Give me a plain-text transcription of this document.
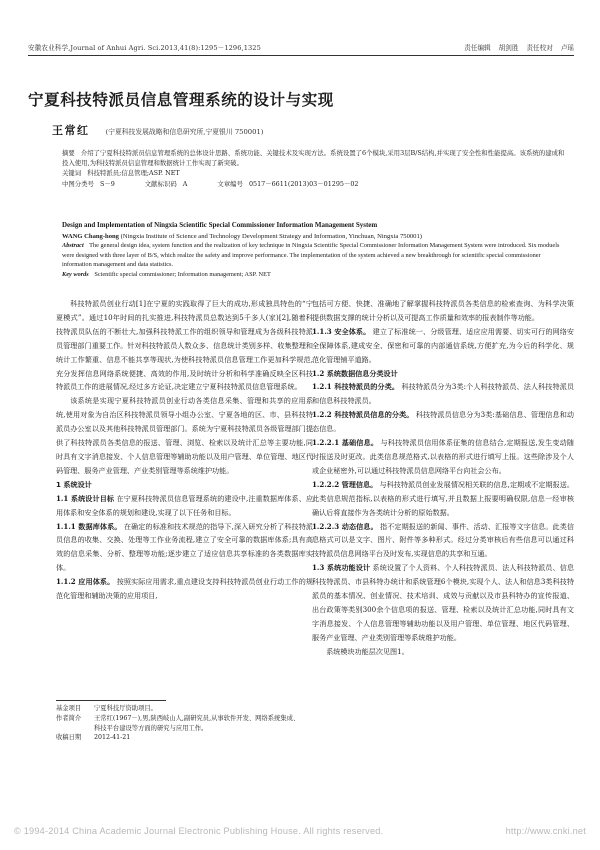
安徽农业科学,Journal of Anhui Agri. Sci.2013,41(8):1295－1296,1325	责任编辑 胡剑胜 责任校对 卢瑶
宁夏科技特派员信息管理系统的设计与实现
王常红 (宁夏科技发展战略和信息研究所,宁夏银川 750001)
摘要 介绍了宁夏科技特派员信息管理系统的总体设计思路、系统功能、关键技术及实现方法。系统设置了6个模块,采用3层B/S结构,并实现了安全性和性能提高。该系统的建成和投入使用,为科技特派员信息管理和数据统计工作实现了新突破。
关键词 科技特派员;信息管理;ASP. NET
中图分类号 S－9	文献标识码 A	文章编号 0517－6611(2013)03－01295－02
Design and Implementation of Ningxia Scientific Special Commissioner Information Management System
WANG Chang-hong (Ningxia Institute of Science and Technology Development Strategy and Information, Yinchuan, Ningxia 750001)
Abstract The general design idea, system function and the realization of key technique in Ningxia Scientific Special Commissioner Information Management System were introduced. Six moduels were designed with three layer of B/S, which realize the safety and improve performance. The implementation of the system achieved a new breakthrough for scientific special commissioner information management and data statistics.
Key words Scientific special commissioner; Information management; ASP. NET

科技特派员创业行动[1]在宁夏的实践取得了巨大的成功,形成独具特色的“宁夏模式”。通过10年时间的扎实推进,科技特派员总数达到5千多人(家)[2],随着科技特派员队伍的不断壮大,加强科技特派工作的组织领导和管理成为各级科技特派员管理部门重要工作。针对科技特派员人数众多、信息统计类别多样、收集整理和统计工作繁重、信息不能共享等现状,为使科技特派员信息管理工作更加科学规范,充分发挥信息网络系统便捷、高效的作用,及时统计分析和科学准确反映全区科技特派员工作的进展情况,经过多方论证,决定建立宁夏科技特派员信息管理系统。

该系统是实现宁夏科技特派员创业行动各类信息采集、管理和共享的应用系统,使用对象为自治区科技特派员领导小组办公室、宁夏各地的区、市、县科技特派员办公室以及其他科技特派员管理部门。系统为宁夏科技特派员各级管理部门提供了科技特派员各类信息的报送、管理、浏览、检索以及统计汇总等主要功能,同时具有文字消息接发、个人信息管理等辅助功能以及用户管理、单位管理、地区代码管理、服务产业管理、产业类别管理等系统维护功能。

1 系统设计

1.1 系统设计目标 在宁夏科技特派员信息管理系统的建设中,注重数据库体系、应用体系和安全体系的规划和建设,实现了以下任务和目标。

1.1.1 数据库体系。 在确定的标准和技术规范的指导下,深入研究分析了科技特派员信息的收集、交换、处理等工作业务流程,建立了安全可靠的数据库体系;具有高效的信息采集、分析、整理等功能;逐步建立了适应信息共享标准的各类数据库实体。

1.1.2 应用体系。 按照实际应用需求,重点建设支持科技特派员创业行动工作的规范化管理和辅助决策的应用项目,

包括可方便、快捷、准确地了解掌握科技特派员各类信息的检索查询、为科学决策提供数据支撑的统计分析以及可提高工作质量和效率的报表制作等功能。

1.1.3 安全体系。 建立了标准统一、分级管理、适应应用需要、切实可行的网络安全保障体系,建成安全、保密和可靠的内部通信系统,方便扩充,为今后的科学化、规范化管理铺平道路。

1.2 系统数据信息分类设计

1.2.1 科技特派员的分类。 科技特派员分为3类:个人科技特派员、法人科技特派员和信息科技特派员。

1.2.2 科技特派员信息的分类。 科技特派员信息分为3类:基础信息、管理信息和动态信息。

1.2.2.1 基础信息。 与科技特派员信用体系征集的信息结合,定期报送,发生变动随时报送及时更改。此类信息规范格式,以表格的形式进行填写上报。这些除涉及个人或企业秘密外,可以通过科技特派员信息网络平台向社会公布。

1.2.2.2 管理信息。 与科技特派员创业发展情况相关联的信息,定期或不定期报送。此类信息规范指标,以表格的形式进行填写,并且数据上报要明确权限,信息一经审核确认后将直接作为各类统计分析的原始数据。

1.2.2.3 动态信息。 指不定期报送的新闻、事件、活动、汇报等文字信息。此类信息格式可以是文字、图片、附件等多种形式。经过分类审核后有些信息可以通过科技特派员信息网络平台及时发布,实现信息的共享和互通。

1.3 系统功能设计 系统设置了个人资料、个人科技特派员、法人科技特派员、信息科技特派员、市县科特办统计和系统管理6个模块,实现个人、法人和信息3类科技特派员的基本情况、创业情况、技术培训、成效与贡献以及市县科特办的宣传报道、出台政策等类别300余个信息项的报送、管理、检索以及统计汇总功能,同时具有文字消息接发、个人信息管理等辅助功能以及用户管理、单位管理、地区代码管理、服务产业管理、产业类别管理等系统维护功能。

系统模块功能层次见图1。

基金项目	宁夏科技厅资助项目。
作者简介	王常红(1967－),男,陕西岐山人,副研究员,从事软件开发、网络系统集成、科技平台建设等方面的研究与应用工作。
收稿日期	2012-41-21
© 1994-2014 China Academic Journal Electronic Publishing House. All rights reserved.	http://www.cnki.net
